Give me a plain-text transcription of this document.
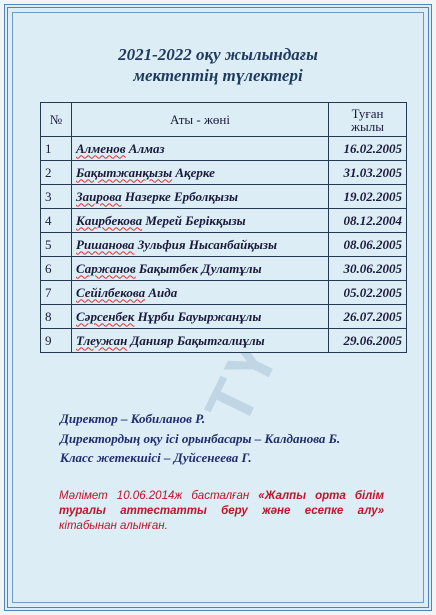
2021-2022 оқу жылындағы
мектептің түлектері
№	Аты - жөні	Туған
жылы
1	Алменов Алмаз	16.02.2005
2	Бақытжанқызы Ақерке	31.03.2005
3	Заирова Назерке Ерболқызы	19.02.2005
4	Каирбекова Мерей Берікқызы	08.12.2004
5	Ришанова Зульфия Нысанбайқызы	08.06.2005
6	Саржанов Бақытбек Дулатұлы	30.06.2005
7	Сейілбекова Аида	05.02.2005
8	Сәрсенбек Нұрби Бауыржанұлы	26.07.2005
9	Тлеужан Данияр Бақытгалиұлы	29.06.2005
Директор – Кобиланов Р.
Директордың оқу ісі орынбасары – Калданова Б.
Класс жетекшісі – Дуйсенеева Г.
Мәлімет 10.06.2014ж басталған «Жалпы орта білім туралы аттестатты беру және есепке алу» кітабынан алынған.
